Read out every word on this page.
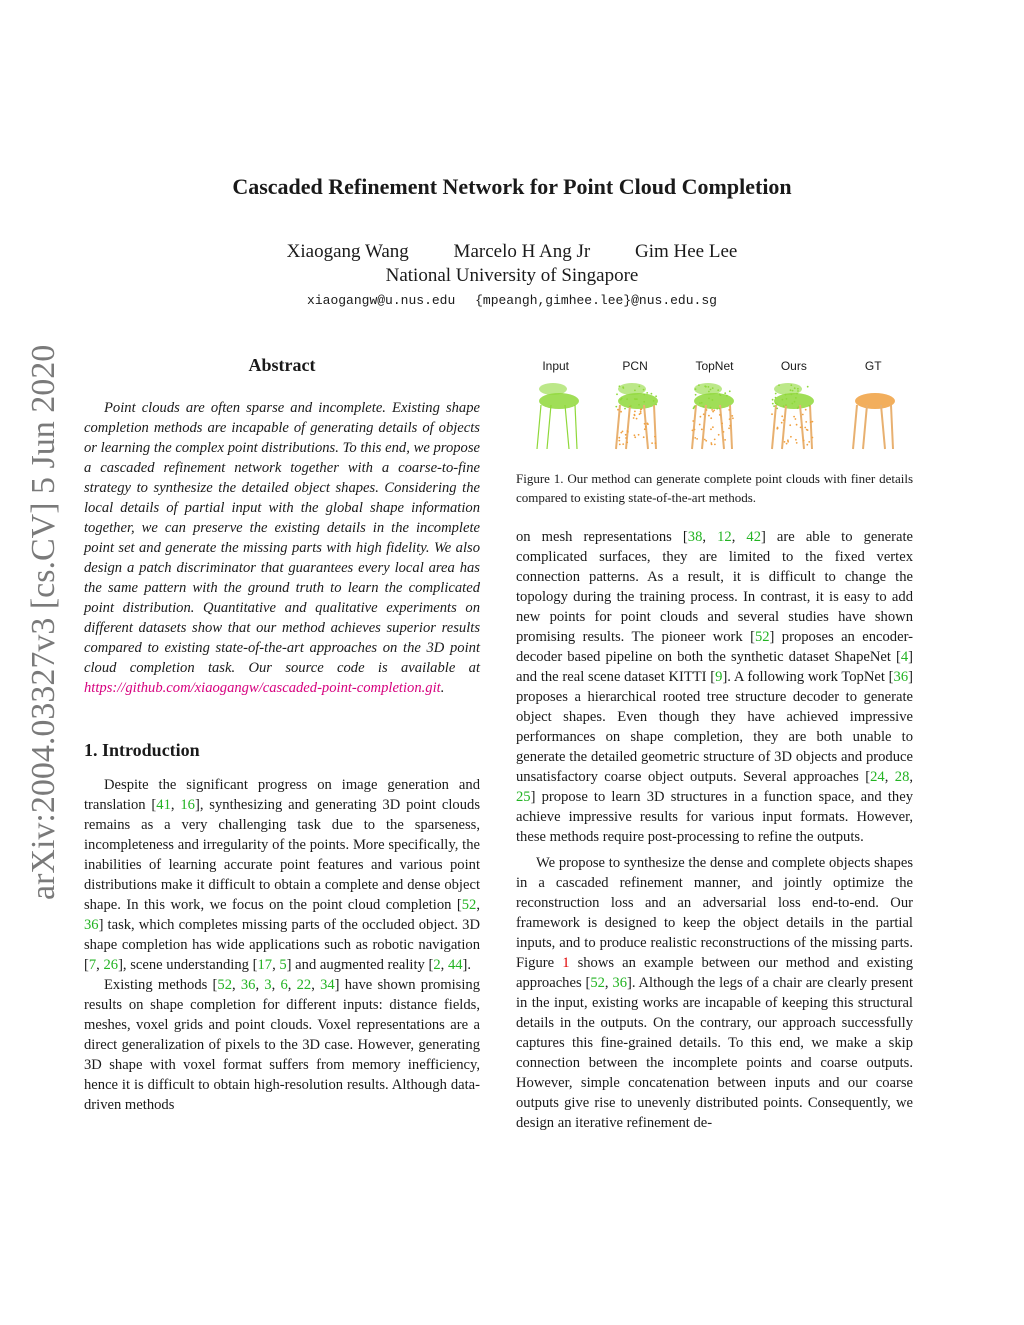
arXiv:2004.03327v3 [cs.CV] 5 Jun 2020
Cascaded Refinement Network for Point Cloud Completion
Xiaogang Wang Marcelo H Ang Jr Gim Hee Lee
National University of Singapore
xiaogangw@u.nus.edu {mpeangh,gimhee.lee}@nus.edu.sg
Abstract

Point clouds are often sparse and incomplete. Existing shape completion methods are incapable of generating details of objects or learning the complex point distributions. To this end, we propose a cascaded refinement network together with a coarse-to-fine strategy to synthesize the detailed object shapes. Considering the local details of partial input with the global shape information together, we can preserve the existing details in the incomplete point set and generate the missing parts with high fidelity. We also design a patch discriminator that guarantees every local area has the same pattern with the ground truth to learn the complicated point distribution. Quantitative and qualitative experiments on different datasets show that our method achieves superior results compared to existing state-of-the-art approaches on the 3D point cloud completion task. Our source code is available at https://github.com/xiaogangw/cascaded-point-completion.git.

1. Introduction

Despite the significant progress on image generation and translation [41, 16], synthesizing and generating 3D point clouds remains as a very challenging task due to the sparseness, incompleteness and irregularity of the points. More specifically, the inabilities of learning accurate point features and various point distributions make it difficult to obtain a complete and dense object shape. In this work, we focus on the point cloud completion [52, 36] task, which completes missing parts of the occluded object. 3D shape completion has wide applications such as robotic navigation [7, 26], scene understanding [17, 5] and augmented reality [2, 44].

Existing methods [52, 36, 3, 6, 22, 34] have shown promising results on shape completion for different inputs: distance fields, meshes, voxel grids and point clouds. Voxel representations are a direct generalization of pixels to the 3D case. However, generating 3D shape with voxel format suffers from memory inefficiency, hence it is difficult to obtain high-resolution results. Although data-driven methods

Input	PCN	TopNet	Ours	GT
Figure 1. Our method can generate complete point clouds with finer details compared to existing state-of-the-art methods.

on mesh representations [38, 12, 42] are able to generate complicated surfaces, they are limited to the fixed vertex connection patterns. As a result, it is difficult to change the topology during the training process. In contrast, it is easy to add new points for point clouds and several studies have shown promising results. The pioneer work [52] proposes an encoder-decoder based pipeline on both the synthetic dataset ShapeNet [4] and the real scene dataset KITTI [9]. A following work TopNet [36] proposes a hierarchical rooted tree structure decoder to generate object shapes. Even though they have achieved impressive performances on shape completion, they are both unable to generate the detailed geometric structure of 3D objects and produce unsatisfactory coarse object outputs. Several approaches [24, 28, 25] propose to learn 3D structures in a function space, and they achieve impressive results for various input formats. However, these methods require post-processing to refine the outputs.

We propose to synthesize the dense and complete objects shapes in a cascaded refinement manner, and jointly optimize the reconstruction loss and an adversarial loss end-to-end. Our framework is designed to keep the object details in the partial inputs, and to produce realistic reconstructions of the missing parts. Figure 1 shows an example between our method and existing approaches [52, 36]. Although the legs of a chair are clearly present in the input, existing works are incapable of keeping this structural details in the outputs. On the contrary, our approach successfully captures this fine-grained details. To this end, we make a skip connection between the incomplete points and coarse outputs. However, simple concatenation between inputs and our coarse outputs give rise to unevenly distributed points. Consequently, we design an iterative refinement de-
